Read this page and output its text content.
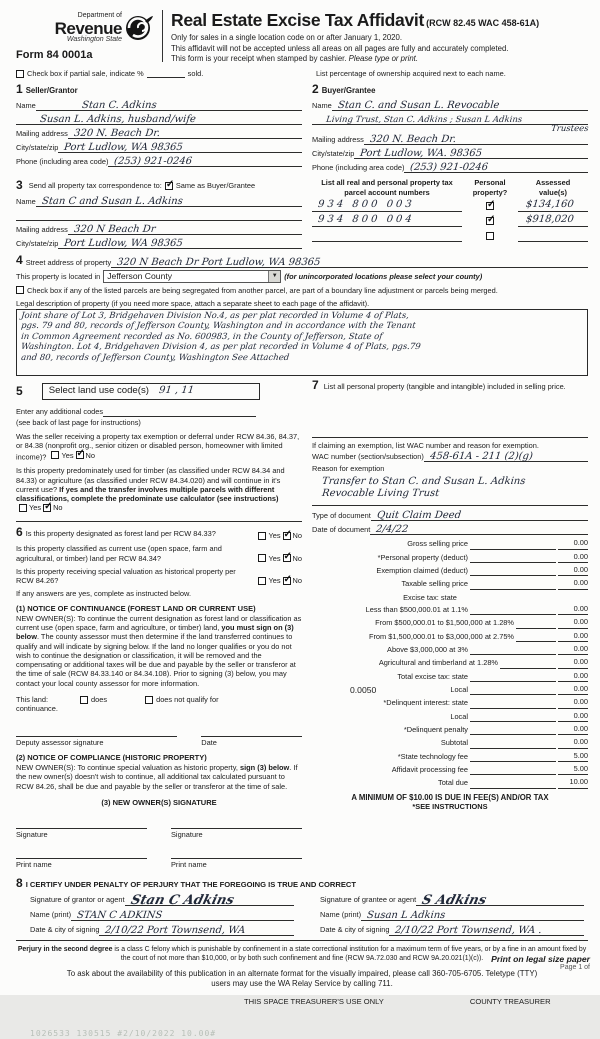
Department of
Revenue
Washington State
Form 84 0001a
Real Estate Excise Tax Affidavit (RCW 82.45 WAC 458-61A)
Only for sales in a single location code on or after January 1, 2020.
This affidavit will not be accepted unless all areas on all pages are fully and accurately completed.
This form is your receipt when stamped by cashier. Please type or print.
Check box if partial sale, indicate %	sold.	List percentage of ownership acquired next to each name.
1 Seller/Grantor
Name	Stan C. Adkins
Susan L. Adkins, husband/wife
Mailing address 320 N. Beach Dr.
City/state/zip Port Ludlow, WA 98365
Phone (including area code) (253) 921-0246
2 Buyer/Grantee
Name Stan C. and Susan L. Revocable
Living Trust, Stan C. Adkins ; Susan L Adkins
Trustees
Mailing address 320 N. Beach Dr.
City/state/zip Port Ludlow, WA. 98365
Phone (including area code) (253) 921-0246
3 Send all property tax correspondence to: ✓ Same as Buyer/Grantee
Name Stan C and Susan L. Adkins
Mailing address 320 N Beach Dr
City/state/zip Port Ludlow, WA 98365
List all real and personal property tax
parcel account numbers
Personal
property?
Assessed
value(s)
934 800 003	✓	$134,160
934 800 004	✓	$918,020
4 Street address of property 320 N Beach Dr Port Ludlow, WA 98365
This property is located in Jefferson County	▼ (for unincorporated locations please select your county)
Check box if any of the listed parcels are being segregated from another parcel, are part of a boundary line adjustment or parcels being merged.
Legal description of property (if you need more space, attach a separate sheet to each page of the affidavit).
Joint share of Lot 3, Bridgehaven Division No.4, as per plat recorded in Volume 4 of Plats,
pgs. 79 and 80, records of Jefferson County, Washington and in accordance with the Tenant
in Common Agreement recorded as No. 600983, in the County of Jefferson, State of
Washington. Lot 4, Bridgehaven Division 4, as per plat recorded in Volume 4 of Plats, pgs.79
and 80, records of Jefferson County, Washington See Attached
5	Select land use code(s) 91 , 11
Enter any additional codes
(see back of last page for instructions)
Was the seller receiving a property tax exemption or deferral under RCW 84.36, 84.37, or 84.38 (nonprofit org., senior citizen or disabled person, homeowner with limited income)? Yes ✓ No
Is this property predominately used for timber (as classified under RCW 84.34 and 84.33) or agriculture (as classified under RCW 84.34.020) and will continue in it's current use? If yes and the transfer involves multiple parcels with different classifications, complete the predominate use calculator (see instructions)
Yes ✓ No
6 Is this property designated as forest land per RCW 84.33?	Yes ✓ No
Is this property classified as current use (open space, farm and agricultural, or timber) land per RCW 84.34?	Yes ✓ No
Is this property receiving special valuation as historical property per RCW 84.26?	Yes ✓ No
If any answers are yes, complete as instructed below.
(1) NOTICE OF CONTINUANCE (FOREST LAND OR CURRENT USE)
NEW OWNER(S): To continue the current designation as forest land or classification as current use (open space, farm and agriculture, or timber) land, you must sign on (3) below. The county assessor must then determine if the land transferred continues to qualify and will indicate by signing below. If the land no longer qualifies or you do not wish to continue the designation or classification, it will be removed and the compensating or additional taxes will be due and payable by the seller or transferor at the time of sale (RCW 84.33.140 or 84.34.108). Prior to signing (3) below, you may contact your local county assessor for more information.
This land:	does	does not qualify for
continuance.
Deputy assessor signature	Date
(2) NOTICE OF COMPLIANCE (HISTORIC PROPERTY)
NEW OWNER(S): To continue special valuation as historic property, sign (3) below. If the new owner(s) doesn't wish to continue, all additional tax calculated pursuant to RCW 84.26, shall be due and payable by the seller or transferor at the time of sale.
(3) NEW OWNER(S) SIGNATURE
Signature	Signature
Print name	Print name
7 List all personal property (tangible and intangible) included in selling price.
If claiming an exemption, list WAC number and reason for exemption.
WAC number (section/subsection) 458-61A - 211 (2)(g)
Reason for exemption
Transfer to Stan C. and Susan L. Adkins
Revocable Living Trust
Type of document Quit Claim Deed
Date of document 2/4/22
Gross selling price	0.00
*Personal property (deduct)	0.00
Exemption claimed (deduct)	0.00
Taxable selling price	0.00
Excise tax: state
Less than $500,000.01 at 1.1%	0.00
From $500,000.01 to $1,500,000 at 1.28%	0.00
From $1,500,000.01 to $3,000,000 at 2.75%	0.00
Above $3,000,000 at 3%	0.00
Agricultural and timberland at 1.28%	0.00
Total excise tax: state	0.00
0.0050	Local	0.00
*Delinquent interest: state	0.00
Local	0.00
*Delinquent penalty	0.00
Subtotal	0.00
*State technology fee	5.00
Affidavit processing fee	5.00
Total due	10.00
A MINIMUM OF $10.00 IS DUE IN FEE(S) AND/OR TAX
*SEE INSTRUCTIONS
8 I CERTIFY UNDER PENALTY OF PERJURY THAT THE FOREGOING IS TRUE AND CORRECT
Signature of grantor or agent Stan C Adkins
Name (print) STAN C ADKINS
Date & city of signing 2/10/22 Port Townsend, WA
Signature of grantee or agent S Adkins
Name (print) Susan L Adkins
Date & city of signing 2/10/22 Port Townsend, WA .
Perjury in the second degree is a class C felony which is punishable by confinement in a state correctional institution for a maximum term of five years, or by a fine in an amount fixed by the court of not more than $10,000, or by both such confinement and fine (RCW 9A.72.030 and RCW 9A.20.021(1)(c)).
To ask about the availability of this publication in an alternate format for the visually impaired, please call 360-705-6705. Teletype (TTY) users may use the WA Relay Service by calling 711.
THIS SPACE TREASURER'S USE ONLY	COUNTY TREASURER
1026533 130515 #2/10/2022 10.00#
Print on legal size paper
Page 1 of
